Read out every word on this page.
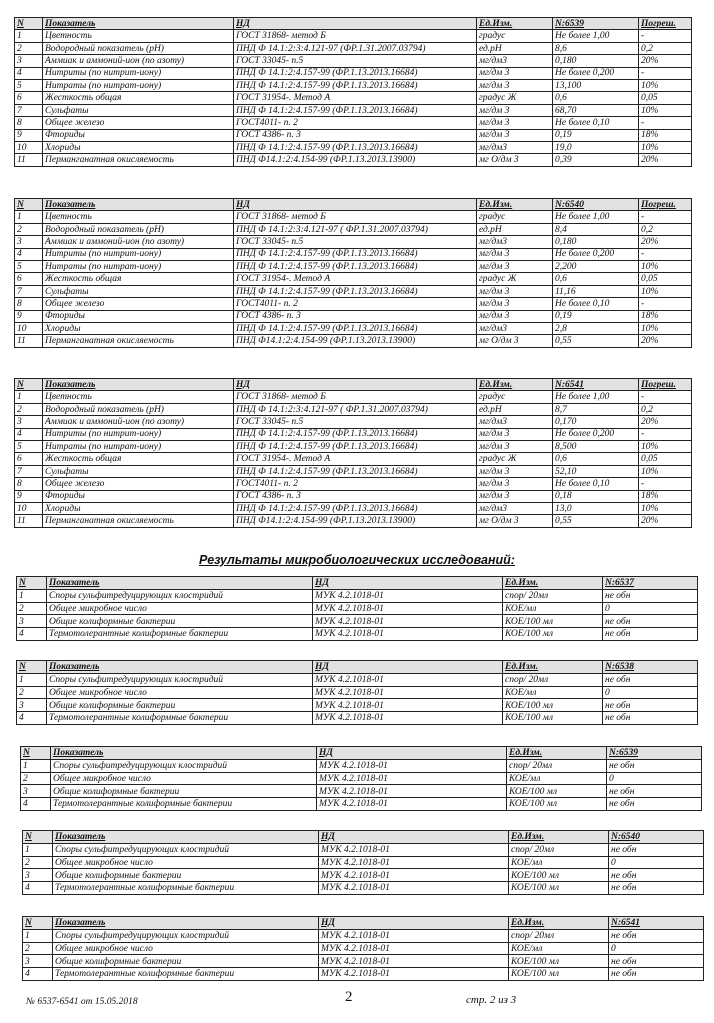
N	Показатель	НД	Ед.Изм.	N:6539	Погреш.
1	Цветность	ГОСТ 31868- метод Б	градус	Не более 1,00	-
2	Водородный показатель (pH)	ПНД Ф 14.1:2:3:4.121-97 (ФР.1.31.2007.03794)	ед.pH	8,6	0,2
3	Аммиак и аммоний-ион (по азоту)	ГОСТ 33045- п.5	мг/дм3	0,180	20%
4	Нитриты (по нитрит-иону)	ПНД Ф 14.1:2:4.157-99 (ФР.1.13.2013.16684)	мг/дм 3	Не более 0,200	-
5	Нитраты (по нитрат-иону)	ПНД Ф 14.1:2:4.157-99 (ФР.1.13.2013.16684)	мг/дм 3	13,100	10%
6	Жесткость общая	ГОСТ 31954-. Метод А	градус Ж	0,6	0,05
7	Сульфаты	ПНД Ф 14.1:2:4.157-99 (ФР.1.13.2013.16684)	мг/дм 3	68,70	10%
8	Общее железо	ГОСТ4011- п. 2	мг/дм 3	Не более 0,10	-
9	Фториды	ГОСТ 4386- п. 3	мг/дм 3	0,19	18%
10	Хлориды	ПНД Ф 14.1:2:4.157-99 (ФР.1.13.2013.16684)	мг/дм3	19,0	10%
11	Перманганатная окисляемость	ПНД Ф14.1:2:4.154-99 (ФР.1.13.2013.13900)	мг О/дм 3	0,39	20%
N	Показатель	НД	Ед.Изм.	N:6540	Погреш.
1	Цветность	ГОСТ 31868- метод Б	градус	Не более 1,00	-
2	Водородный показатель (pH)	ПНД Ф 14.1:2:3:4.121-97 ( ФР.1.31.2007.03794)	ед.pH	8,4	0,2
3	Аммиак и аммоний-ион (по азоту)	ГОСТ 33045- п.5	мг/дм3	0,180	20%
4	Нитриты (по нитрит-иону)	ПНД Ф 14.1:2:4.157-99 (ФР.1.13.2013.16684)	мг/дм 3	Не более 0,200	-
5	Нитраты (по нитрат-иону)	ПНД Ф 14.1:2:4.157-99 (ФР.1.13.2013.16684)	мг/дм 3	2,200	10%
6	Жесткость общая	ГОСТ 31954-. Метод А	градус Ж	0,6	0,05
7	Сульфаты	ПНД Ф 14.1:2:4.157-99 (ФР.1.13.2013.16684)	мг/дм 3	11,16	10%
8	Общее железо	ГОСТ4011- п. 2	мг/дм 3	Не более 0,10	-
9	Фториды	ГОСТ 4386- п. 3	мг/дм 3	0,19	18%
10	Хлориды	ПНД Ф 14.1:2:4.157-99 (ФР.1.13.2013.16684)	мг/дм3	2,8	10%
11	Перманганатная окисляемость	ПНД Ф14.1:2:4.154-99 (ФР.1.13.2013.13900)	мг О/дм 3	0,55	20%
N	Показатель	НД	Ед.Изм.	N:6541	Погреш.
1	Цветность	ГОСТ 31868- метод Б	градус	Не более 1,00	-
2	Водородный показатель (pH)	ПНД Ф 14.1:2:3:4.121-97 ( ФР.1.31.2007.03794)	ед.pH	8,7	0,2
3	Аммиак и аммоний-ион (по азоту)	ГОСТ 33045- п.5	мг/дм3	0,170	20%
4	Нитриты (по нитрит-иону)	ПНД Ф 14.1:2:4.157-99 (ФР.1.13.2013.16684)	мг/дм 3	Не более 0,200	-
5	Нитраты (по нитрат-иону)	ПНД Ф 14.1:2:4.157-99 (ФР.1.13.2013.16684)	мг/дм 3	8,500	10%
6	Жесткость общая	ГОСТ 31954-. Метод А	градус Ж	0,6	0,05
7	Сульфаты	ПНД Ф 14.1:2:4.157-99 (ФР.1.13.2013.16684)	мг/дм 3	52,10	10%
8	Общее железо	ГОСТ4011- п. 2	мг/дм 3	Не более 0,10	-
9	Фториды	ГОСТ 4386- п. 3	мг/дм 3	0,18	18%
10	Хлориды	ПНД Ф 14.1:2:4.157-99 (ФР.1.13.2013.16684)	мг/дм3	13,0	10%
11	Перманганатная окисляемость	ПНД Ф14.1:2:4.154-99 (ФР.1.13.2013.13900)	мг О/дм 3	0,55	20%
Результаты микробиологических исследований:
N	Показатель	НД	Ед.Изм.	N:6537
1	Споры сульфитредуцирующих клостридий	МУК 4.2.1018-01	спор/ 20мл	не обн
2	Общее микробное число	МУК 4.2.1018-01	КОЕ/мл	0
3	Общие колиформные бактерии	МУК 4.2.1018-01	КОЕ/100 мл	не обн
4	Термотолерантные колиформные бактерии	МУК 4.2.1018-01	КОЕ/100 мл	не обн
N	Показатель	НД	Ед.Изм.	N:6538
1	Споры сульфитредуцирующих клостридий	МУК 4.2.1018-01	спор/ 20мл	не обн
2	Общее микробное число	МУК 4.2.1018-01	КОЕ/мл	0
3	Общие колиформные бактерии	МУК 4.2.1018-01	КОЕ/100 мл	не обн
4	Термотолерантные колиформные бактерии	МУК 4.2.1018-01	КОЕ/100 мл	не обн
N	Показатель	НД	Ед.Изм.	N:6539
1	Споры сульфитредуцирующих клостридий	МУК 4.2.1018-01	спор/ 20мл	не обн
2	Общее микробное число	МУК 4.2.1018-01	КОЕ/мл	0
3	Общие колиформные бактерии	МУК 4.2.1018-01	КОЕ/100 мл	не обн
4	Термотолерантные колиформные бактерии	МУК 4.2.1018-01	КОЕ/100 мл	не обн
N	Показатель	НД	Ед.Изм.	N:6540
1	Споры сульфитредуцирующих клостридий	МУК 4.2.1018-01	спор/ 20мл	не обн
2	Общее микробное число	МУК 4.2.1018-01	КОЕ/мл	0
3	Общие колиформные бактерии	МУК 4.2.1018-01	КОЕ/100 мл	не обн
4	Термотолерантные колиформные бактерии	МУК 4.2.1018-01	КОЕ/100 мл	не обн
N	Показатель	НД	Ед.Изм.	N:6541
1	Споры сульфитредуцирующих клостридий	МУК 4.2.1018-01	спор/ 20мл	не обн
2	Общее микробное число	МУК 4.2.1018-01	КОЕ/мл	0
3	Общие колиформные бактерии	МУК 4.2.1018-01	КОЕ/100 мл	не обн
4	Термотолерантные колиформные бактерии	МУК 4.2.1018-01	КОЕ/100 мл	не обн
№ 6537-6541 от 15.05.2018	2	стр. 2 из 3
